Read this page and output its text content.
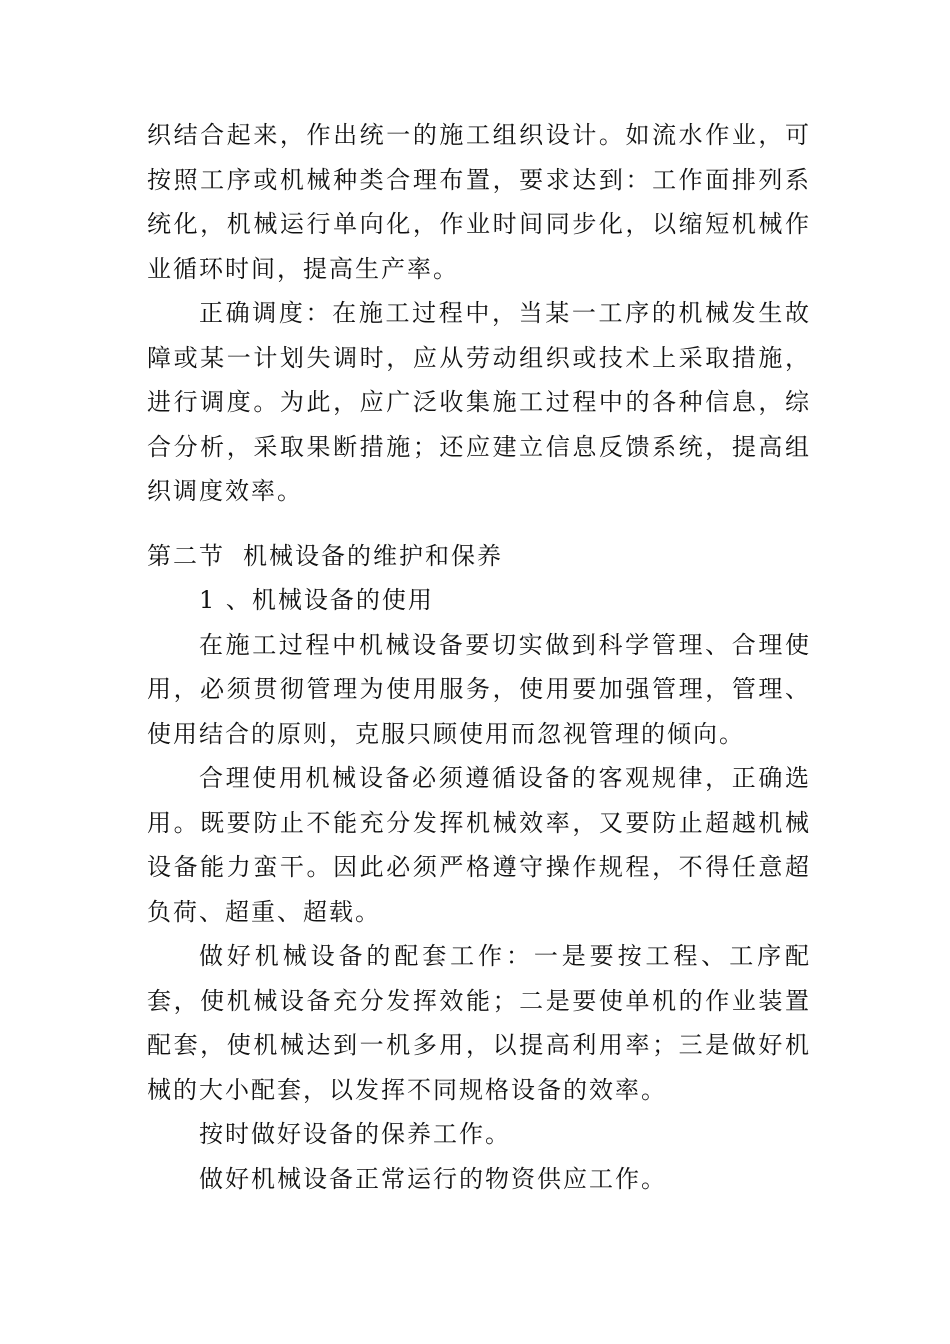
织结合起来，作出统一的施工组织设计。如流水作业，可按照工序或机械种类合理布置，要求达到：工作面排列系统化，机械运行单向化，作业时间同步化，以缩短机械作业循环时间，提高生产率。

正确调度：在施工过程中，当某一工序的机械发生故障或某一计划失调时，应从劳动组织或技术上采取措施，进行调度。为此，应广泛收集施工过程中的各种信息，综合分析，采取果断措施；还应建立信息反馈系统，提高组织调度效率。

第二节 机械设备的维护和保养

1 、机械设备的使用

在施工过程中机械设备要切实做到科学管理、合理使用，必须贯彻管理为使用服务，使用要加强管理，管理、使用结合的原则，克服只顾使用而忽视管理的倾向。

合理使用机械设备必须遵循设备的客观规律，正确选用。既要防止不能充分发挥机械效率，又要防止超越机械设备能力蛮干。因此必须严格遵守操作规程，不得任意超负荷、超重、超载。

做好机械设备的配套工作：一是要按工程、工序配套，使机械设备充分发挥效能；二是要使单机的作业装置配套，使机械达到一机多用，以提高利用率；三是做好机械的大小配套，以发挥不同规格设备的效率。

按时做好设备的保养工作。

做好机械设备正常运行的物资供应工作。
